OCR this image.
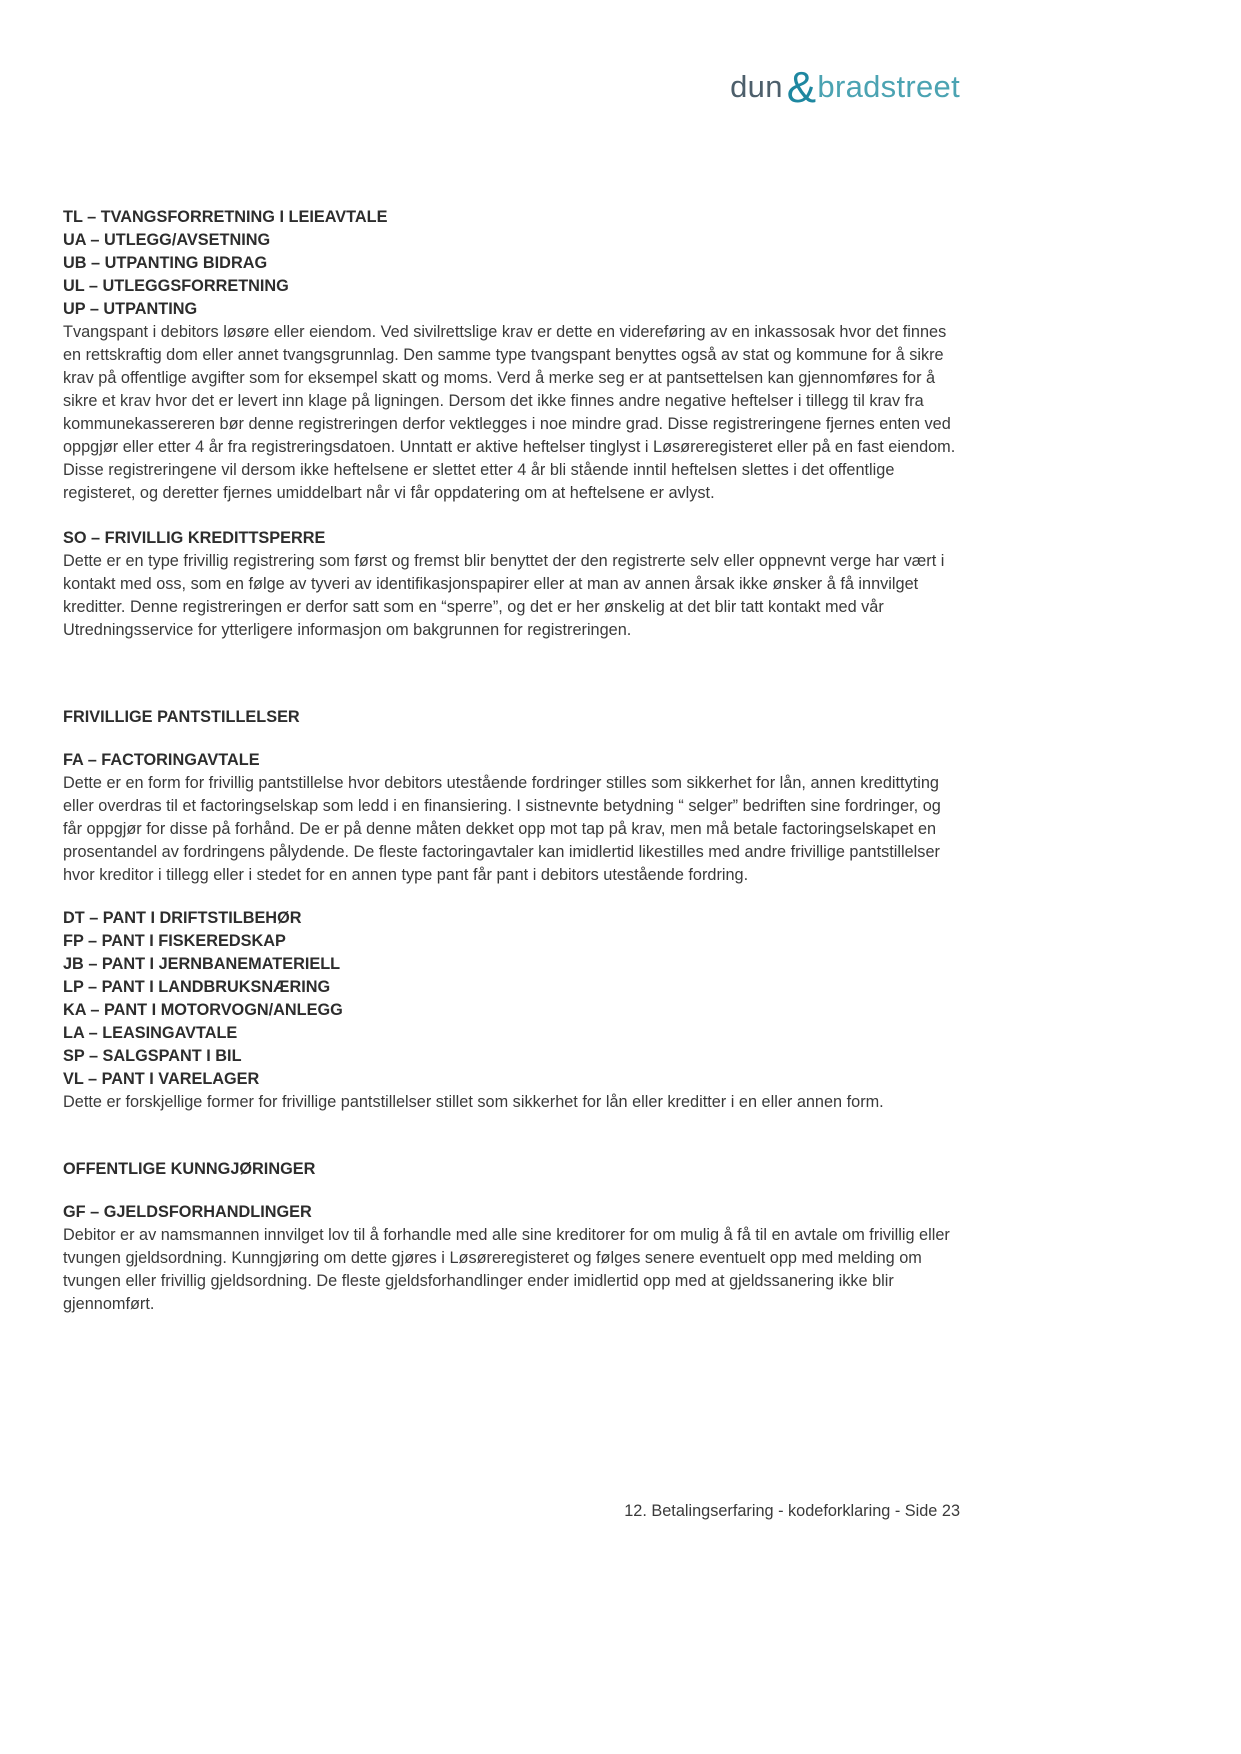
dun&bradstreet
TL – TVANGSFORRETNING I LEIEAVTALE
UA – UTLEGG/AVSETNING
UB – UTPANTING BIDRAG
UL – UTLEGGSFORRETNING
UP – UTPANTING

Tvangspant i debitors løsøre eller eiendom. Ved sivilrettslige krav er dette en videreføring av en inkassosak hvor det finnes en rettskraftig dom eller annet tvangsgrunnlag. Den samme type tvangspant benyttes også av stat og kommune for å sikre krav på offentlige avgifter som for eksempel skatt og moms. Verd å merke seg er at pantsettelsen kan gjennomføres for å sikre et krav hvor det er levert inn klage på ligningen. Dersom det ikke finnes andre negative heftelser i tillegg til krav fra kommunekassereren bør denne registreringen derfor vektlegges i noe mindre grad. Disse registreringene fjernes enten ved oppgjør eller etter 4 år fra registreringsdatoen. Unntatt er aktive heftelser tinglyst i Løsøreregisteret eller på en fast eiendom. Disse registreringene vil dersom ikke heftelsene er slettet etter 4 år bli stående inntil heftelsen slettes i det offentlige registeret, og deretter fjernes umiddelbart når vi får oppdatering om at heftelsene er avlyst.

SO – FRIVILLIG KREDITTSPERRE

Dette er en type frivillig registrering som først og fremst blir benyttet der den registrerte selv eller oppnevnt verge har vært i kontakt med oss, som en følge av tyveri av identifikasjonspapirer eller at man av annen årsak ikke ønsker å få innvilget kreditter. Denne registreringen er derfor satt som en “sperre”, og det er her ønskelig at det blir tatt kontakt med vår Utredningsservice for ytterligere informasjon om bakgrunnen for registreringen.

FRIVILLIGE PANTSTILLELSER
FA – FACTORINGAVTALE

Dette er en form for frivillig pantstillelse hvor debitors utestående fordringer stilles som sikkerhet for lån, annen kredittyting eller overdras til et factoringselskap som ledd i en finansiering. I sistnevnte betydning “ selger” bedriften sine fordringer, og får oppgjør for disse på forhånd. De er på denne måten dekket opp mot tap på krav, men må betale factoringselskapet en prosentandel av fordringens pålydende. De fleste factoringavtaler kan imidlertid likestilles med andre frivillige pantstillelser hvor kreditor i tillegg eller i stedet for en annen type pant får pant i debitors utestående fordring.

DT – PANT I DRIFTSTILBEHØR
FP – PANT I FISKEREDSKAP
JB – PANT I JERNBANEMATERIELL
LP – PANT I LANDBRUKSNÆRING
KA – PANT I MOTORVOGN/ANLEGG
LA – LEASINGAVTALE
SP – SALGSPANT I BIL
VL – PANT I VARELAGER

Dette er forskjellige former for frivillige pantstillelser stillet som sikkerhet for lån eller kreditter i en eller annen form.

OFFENTLIGE KUNNGJØRINGER
GF – GJELDSFORHANDLINGER

Debitor er av namsmannen innvilget lov til å forhandle med alle sine kreditorer for om mulig å få til en avtale om frivillig eller tvungen gjeldsordning. Kunngjøring om dette gjøres i Løsøreregisteret og følges senere eventuelt opp med melding om tvungen eller frivillig gjeldsordning. De fleste gjeldsforhandlinger ender imidlertid opp med at gjeldssanering ikke blir gjennomført.

12. Betalingserfaring - kodeforklaring - Side 23
